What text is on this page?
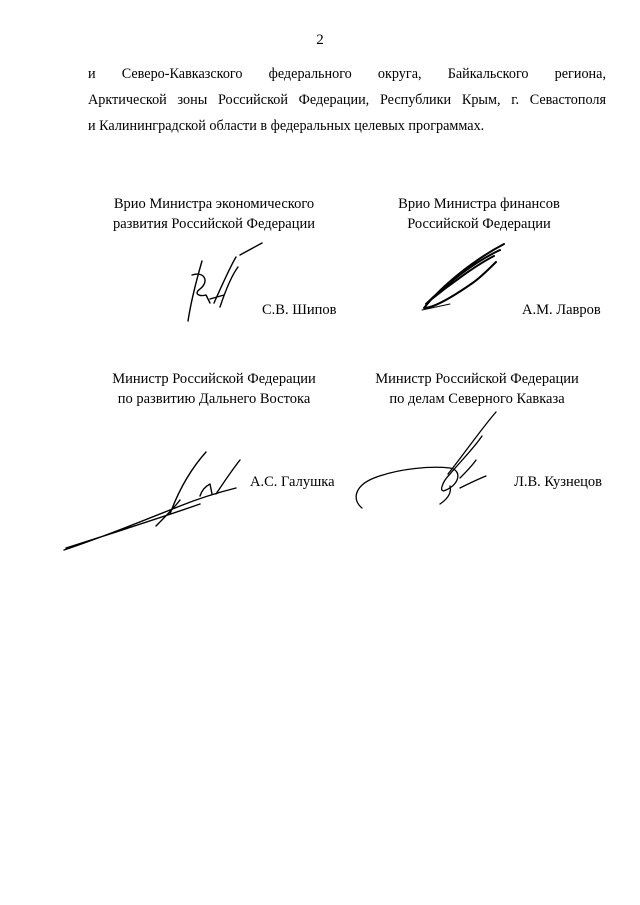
2
и Северо-Кавказского федерального округа, Байкальского региона,
Арктической зоны Российской Федерации, Республики Крым, г. Севастополя
и Калининградской области в федеральных целевых программах.
Врио Министра экономического
развития Российской Федерации
С.В. Шипов
Врио Министра финансов
Российской Федерации
А.М. Лавров
Министр Российской Федерации
по развитию Дальнего Востока
А.С. Галушка
Министр Российской Федерации
по делам Северного Кавказа
Л.В. Кузнецов
